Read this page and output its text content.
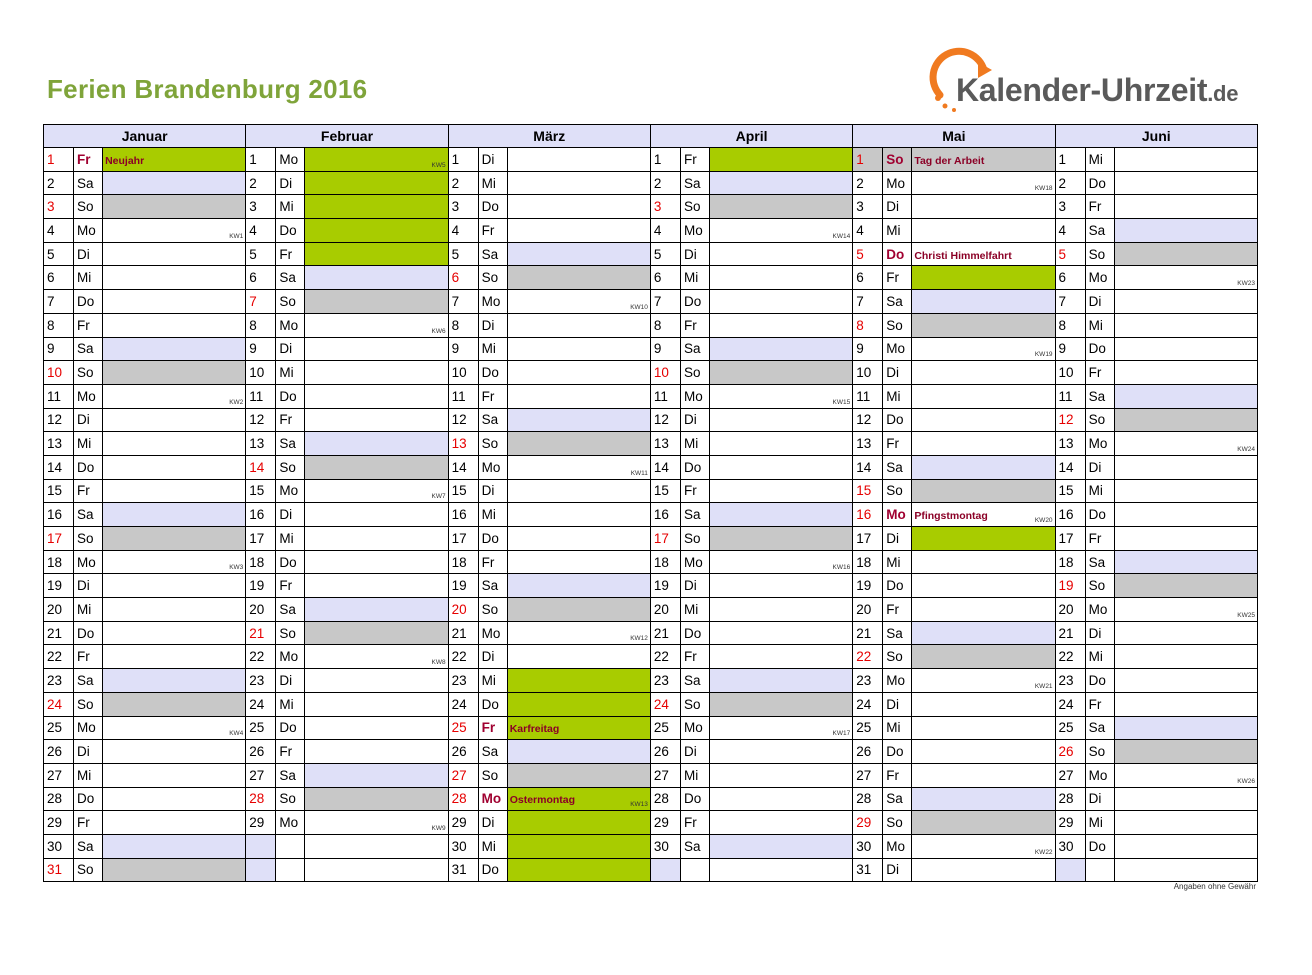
Ferien Brandenburg 2016	Kalender-Uhrzeit.de
Januar			Februar			März			April			Mai			Juni		
1	Fr	Neujahr	1	Mo	KW5	1	Di		1	Fr		1	So	Tag der Arbeit	1	Mi	
2	Sa		2	Di		2	Mi		2	Sa		2	Mo	KW18	2	Do	
3	So		3	Mi		3	Do		3	So		3	Di		3	Fr	
4	Mo	KW1	4	Do		4	Fr		4	Mo	KW14	4	Mi		4	Sa	
5	Di		5	Fr		5	Sa		5	Di		5	Do	Christi Himmelfahrt	5	So	
6	Mi		6	Sa		6	So		6	Mi		6	Fr		6	Mo	KW23

7	Do		7	So		7	Mo	KW10	7	Do		7	Sa		7	Di	
8	Fr		8	Mo	KW6	8	Di		8	Fr		8	So		8	Mi	
9	Sa		9	Di		9	Mi		9	Sa		9	Mo	KW19	9	Do	
10	So		10	Mi		10	Do		10	So		10	Di		10	Fr	
11	Mo	KW2	11	Do		11	Fr		11	Mo	KW15	11	Mi		11	Sa	
12	Di		12	Fr		12	Sa		12	Di		12	Do		12	So	
13	Mi		13	Sa		13	So		13	Mi		13	Fr		13	Mo	KW24

14	Do		14	So		14	Mo	KW11	14	Do		14	Sa		14	Di	
15	Fr		15	Mo	KW7	15	Di		15	Fr		15	So		15	Mi	
16	Sa		16	Di		16	Mi		16	Sa		16	Mo	Pfingstmontag KW20	16	Do	
17	So		17	Mi		17	Do		17	So		17	Di		17	Fr	
18	Mo	KW3	18	Do		18	Fr		18	Mo	KW16	18	Mi		18	Sa	
19	Di		19	Fr		19	Sa		19	Di		19	Do		19	So	
20	Mi		20	Sa		20	So		20	Mi		20	Fr		20	Mo	KW25

21	Do		21	So		21	Mo	KW12	21	Do		21	Sa		21	Di	
22	Fr		22	Mo	KW8	22	Di		22	Fr		22	So		22	Mi	
23	Sa		23	Di		23	Mi		23	Sa		23	Mo	KW21	23	Do	
24	So		24	Mi		24	Do		24	So		24	Di		24	Fr	
25	Mo	KW4	25	Do		25	Fr	Karfreitag	25	Mo	KW17	25	Mi		25	Sa	
26	Di		26	Fr		26	Sa		26	Di		26	Do		26	So	
27	Mi		27	Sa		27	So		27	Mi		27	Fr		27	Mo	KW26

28	Do		28	So		28	Mo	Ostermontag KW13	28	Do		28	Sa		28	Di	
29	Fr		29	Mo	KW9	29	Di		29	Fr		29	So		29	Mi	
30	Sa					30	Mi		30	Sa		30	Mo	KW22	30	Do	
31	So					31	Do					31	Di				
Angaben ohne Gewähr
